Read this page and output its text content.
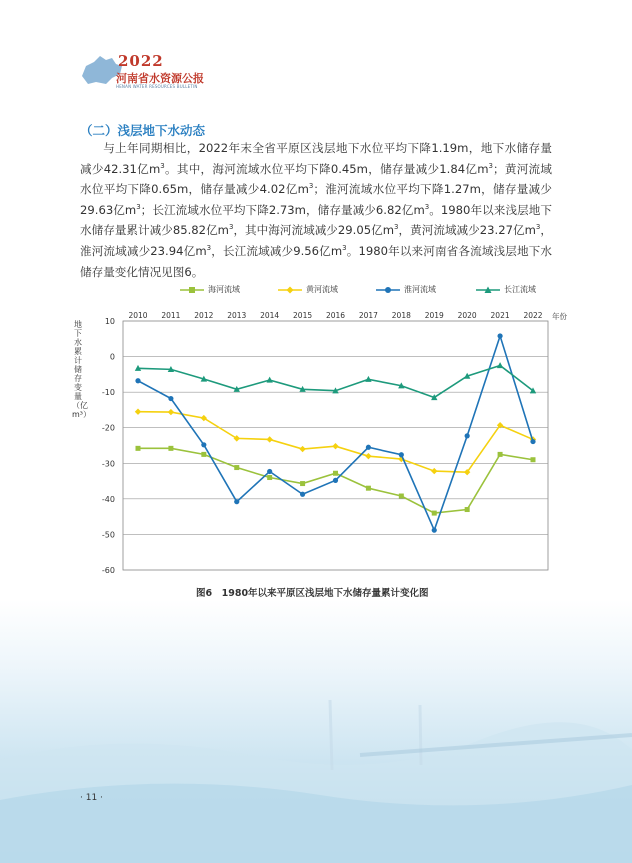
2022
河南省水资源公报
HENAN WATER RESOURCES BULLETIN
（二）浅层地下水动态
与上年同期相比，2022年末全省平原区浅层地下水位平均下降1.19m，地下水储存量减少42.31亿$m^3$。其中，海河流域水位平均下降0.45m，储存量减少1.84亿$m^3$；黄河流域水位平均下降0.65m，储存量减少4.02亿$m^3$；淮河流域水位平均下降1.27m，储存量减少29.63亿$m^3$；长江流域水位平均下降2.73m，储存量减少6.82亿$m^3$。1980年以来浅层地下水储存量累计减少85.82亿$m^3$，其中海河流域减少29.05亿$m^3$，黄河流域减少23.27亿$m^3$，淮河流域减少23.94亿$m^3$，长江流域减少9.56亿$m^3$。1980年以来河南省各流域浅层地下水储存量变化情况见图6。
海河流域	黄河流域	淮河流域	长江流域
地下水累计储存变量（亿m³）
10
0
-10
-20
-30
-40
-50
-60
2010 2011 2012 2013 2014 2015 2016 2017 2018 2019 2020 2021 2022 年份
图6　1980年以来平原区浅层地下水储存量累计变化图
· 11 ·
